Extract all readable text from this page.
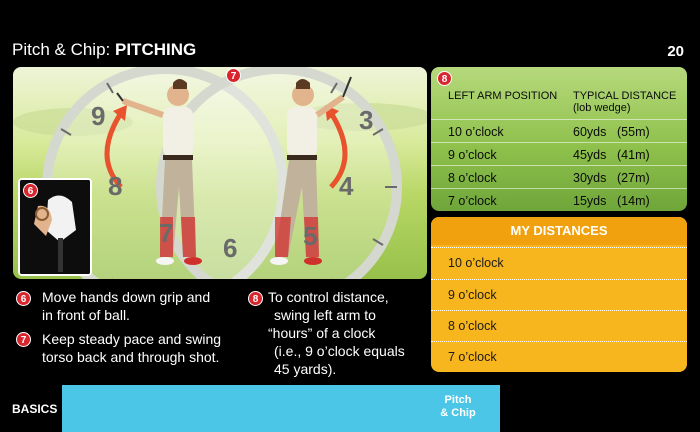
Pitch & Chip: PITCHING	20
9
8
7 6
3
4
5
7
6
8
LEFT ARM POSITION TYPICAL DISTANCE
(lob wedge)
10 o’clock	60yds (55m)
9 o’clock	45yds (41m)
8 o’clock	30yds (27m)
7 o’clock	15yds (14m)
MY DISTANCES
10 o’clock
9 o’clock
8 o’clock
7 o’clock
6	Move hands down grip and
in front of ball.
7	Keep steady pace and swing
torso back and through shot.
8 To control distance,
swing left arm to
“hours” of a clock
(i.e., 9 o’clock equals
45 yards).
BASICS
Pitch
& Chip
